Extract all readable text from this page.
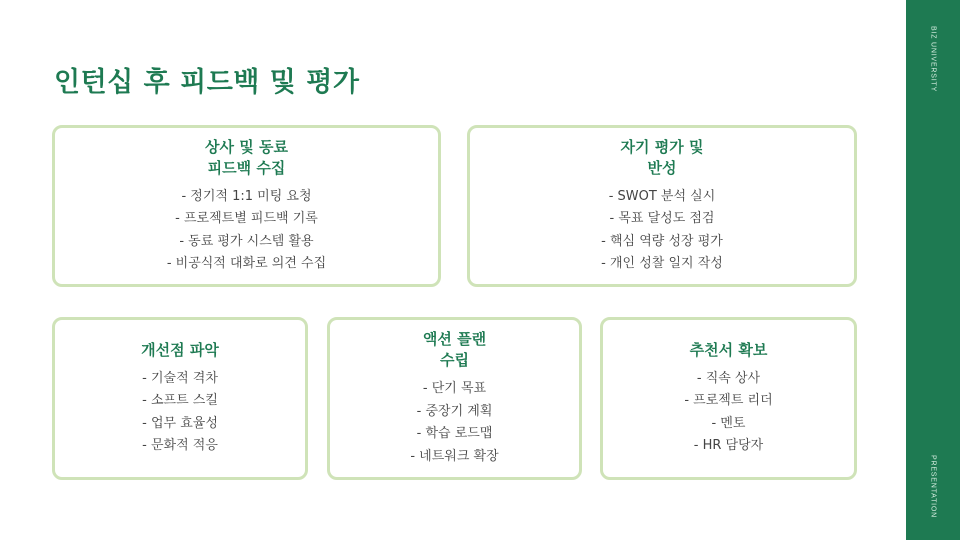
인턴십 후 피드백 및 평가	BIZ UNIVERSITY
PRESENTATION
상사 및 동료
피드백 수집
- 정기적 1:1 미팅 요청
- 프로젝트별 피드백 기록
- 동료 평가 시스템 활용
- 비공식적 대화로 의견 수집
자기 평가 및
반성
- SWOT 분석 실시
- 목표 달성도 점검
- 핵심 역량 성장 평가
- 개인 성찰 일지 작성
개선점 파악
- 기술적 격차
- 소프트 스킬
- 업무 효율성
- 문화적 적응
액션 플랜
수립
- 단기 목표
- 중장기 계획
- 학습 로드맵
- 네트워크 확장
추천서 확보
- 직속 상사
- 프로젝트 리더
- 멘토
- HR 담당자
